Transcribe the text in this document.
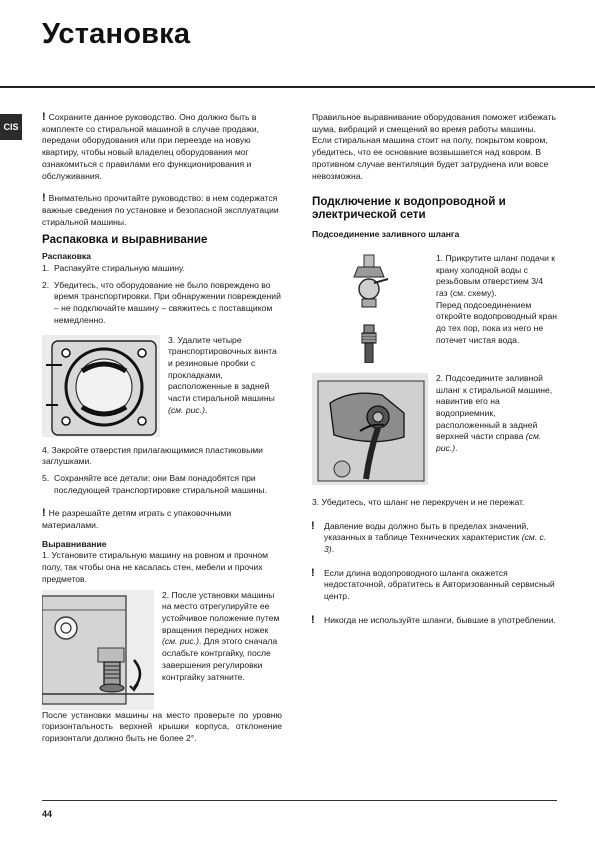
Установка
CIS

! Сохраните данное руководство. Оно должно быть в комплекте со стиральной машиной в случае продажи, передачи оборудования или при переезде на новую квартиру, чтобы новый владелец оборудования мог ознакомиться с правилами его функционирования и обслуживания.

! Внимательно прочитайте руководство: в нем содержатся важные сведения по установке и безопасной эксплуатации стиральной машины.

Распаковка и выравнивание
Распаковка

1. Распакуйте стиральную машину.

2. Убедитесь, что оборудование не было повреждено во время транспортировки. При обнаружении повреждений – не подключайте машину – свяжитесь с поставщиком немедленно.

3. Удалите четыре транспортировочных винта и резиновые пробки с прокладками, расположенные в задней части стиральной машины (см. рис.).

4. Закройте отверстия прилагающимися пластиковыми заглушками.

5. Сохраняйте все детали: они Вам понадобятся при последующей транспортировке стиральной машины.

! Не разрешайте детям играть с упаковочными материалами.

Выравнивание

1. Установите стиральную машину на ровном и прочном полу, так чтобы она не касалась стен, мебели и прочих предметов.

2. После установки машины на место отрегулируйте ее устойчивое положение путем вращения передних ножек (см. рис.). Для этого сначала ослабьте контргайку, после завершения регулировки контргайку затяните.

После установки машины на место проверьте по уровню горизонтальность верхней крышки корпуса, отклонение горизонтали должно быть не более 2°.

Правильное выравнивание оборудования поможет избежать шума, вибраций и смещений во время работы машины.

Если стиральная машина стоит на полу, покрытом ковром, убедитесь, что ее основание возвышается над ковром. В противном случае вентиляция будет затруднена или вовсе невозможна.

Подключение к водопроводной и электрической сети
Подсоединение заливного шланга

1. Прикрутите шланг подачи к крану холодной воды с резьбовым отверстием 3/4 газ (см. схему).

Перед подсоединением откройте водопроводный кран до тех пор, пока из него не потечет чистая вода.

2. Подсоедините заливной шланг к стиральной машине, навинтив его на водоприемник, расположенный в задней верхней части справа (см. рис.).

3. Убедитесь, что шланг не перекручен и не пережат.

! Давление воды должно быть в пределах значений, указанных в таблице Технических характеристик (см. с. 3).

! Если длина водопроводного шланга окажется недостаточной, обратитесь в Авторизованный сервисный центр.

! Никогда не используйте шланги, бывшие в употреблении.

44
